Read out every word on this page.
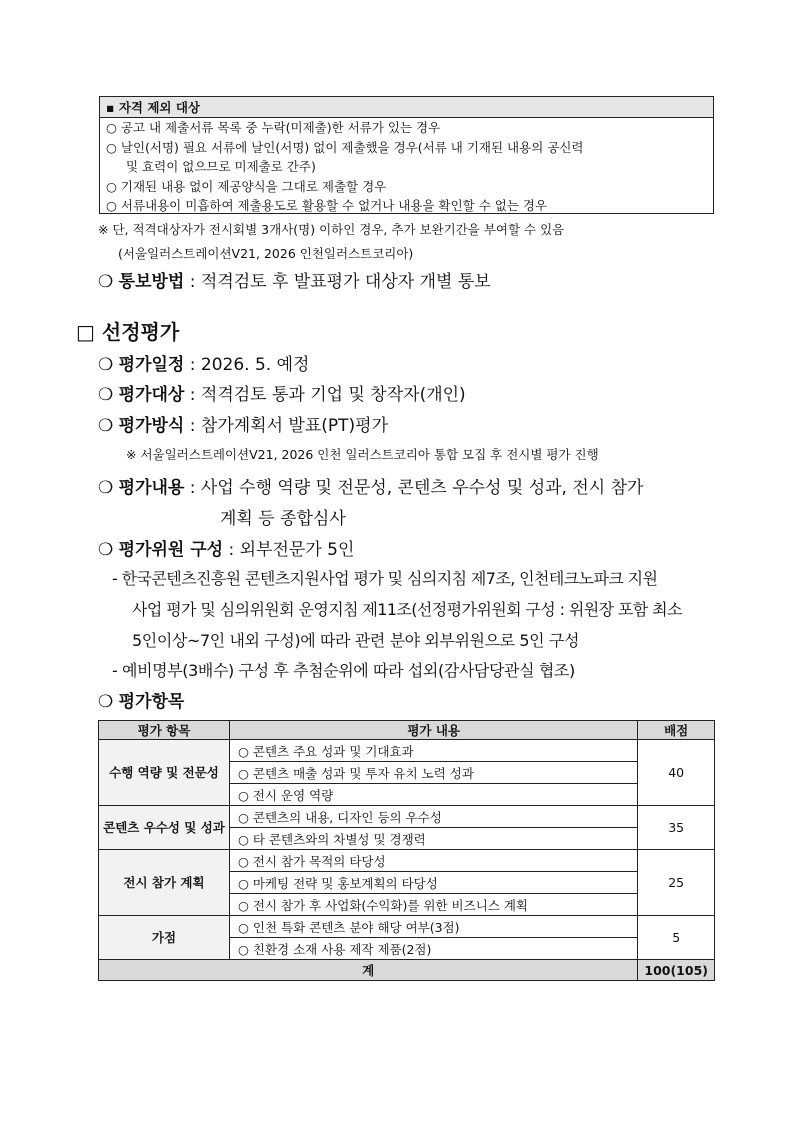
▪ 자격 제외 대상
○ 공고 내 제출서류 목록 중 누락(미제출)한 서류가 있는 경우
○ 날인(서명) 필요 서류에 날인(서명) 없이 제출했을 경우(서류 내 기재된 내용의 공신력
및 효력이 없으므로 미제출로 간주)
○ 기재된 내용 없이 제공양식을 그대로 제출할 경우
○ 서류내용이 미흡하여 제출용도로 활용할 수 없거나 내용을 확인할 수 없는 경우
※ 단, 적격대상자가 전시회별 3개사(명) 이하인 경우, 추가 보완기간을 부여할 수 있음
(서울일러스트레이션V21, 2026 인천일러스트코리아)
❍ 통보방법 : 적격검토 후 발표평가 대상자 개별 통보
□ 선정평가
❍ 평가일정 : 2026. 5. 예정
❍ 평가대상 : 적격검토 통과 기업 및 창작자(개인)
❍ 평가방식 : 참가계획서 발표(PT)평가
※ 서울일러스트레이션V21, 2026 인천 일러스트코리아 통합 모집 후 전시별 평가 진행
❍ 평가내용 : 사업 수행 역량 및 전문성, 콘텐츠 우수성 및 성과, 전시 참가
계획 등 종합심사
❍ 평가위원 구성 : 외부전문가 5인
- 한국콘텐츠진흥원 콘텐츠지원사업 평가 및 심의지침 제7조, 인천테크노파크 지원
사업 평가 및 심의위원회 운영지침 제11조(선정평가위원회 구성 : 위원장 포함 최소
5인이상~7인 내외 구성)에 따라 관련 분야 외부위원으로 5인 구성
- 예비명부(3배수) 구성 후 추첨순위에 따라 섭외(감사담당관실 협조)
❍ 평가항목
평가 항목	평가 내용	배점
수행 역량 및 전문성	○ 콘텐츠 주요 성과 및 기대효과	40
	○ 콘텐츠 매출 성과 및 투자 유치 노력 성과	
	○ 전시 운영 역량	
콘텐츠 우수성 및 성과	○ 콘텐츠의 내용, 디자인 등의 우수성	35
	○ 타 콘텐츠와의 차별성 및 경쟁력	
전시 참가 계획	○ 전시 참가 목적의 타당성	25
	○ 마케팅 전략 및 홍보계획의 타당성	
	○ 전시 참가 후 사업화(수익화)를 위한 비즈니스 계획	
가점	○ 인천 특화 콘텐츠 분야 해당 여부(3점)	5
	○ 친환경 소재 사용 제작 제품(2점)	
계		100(105)
